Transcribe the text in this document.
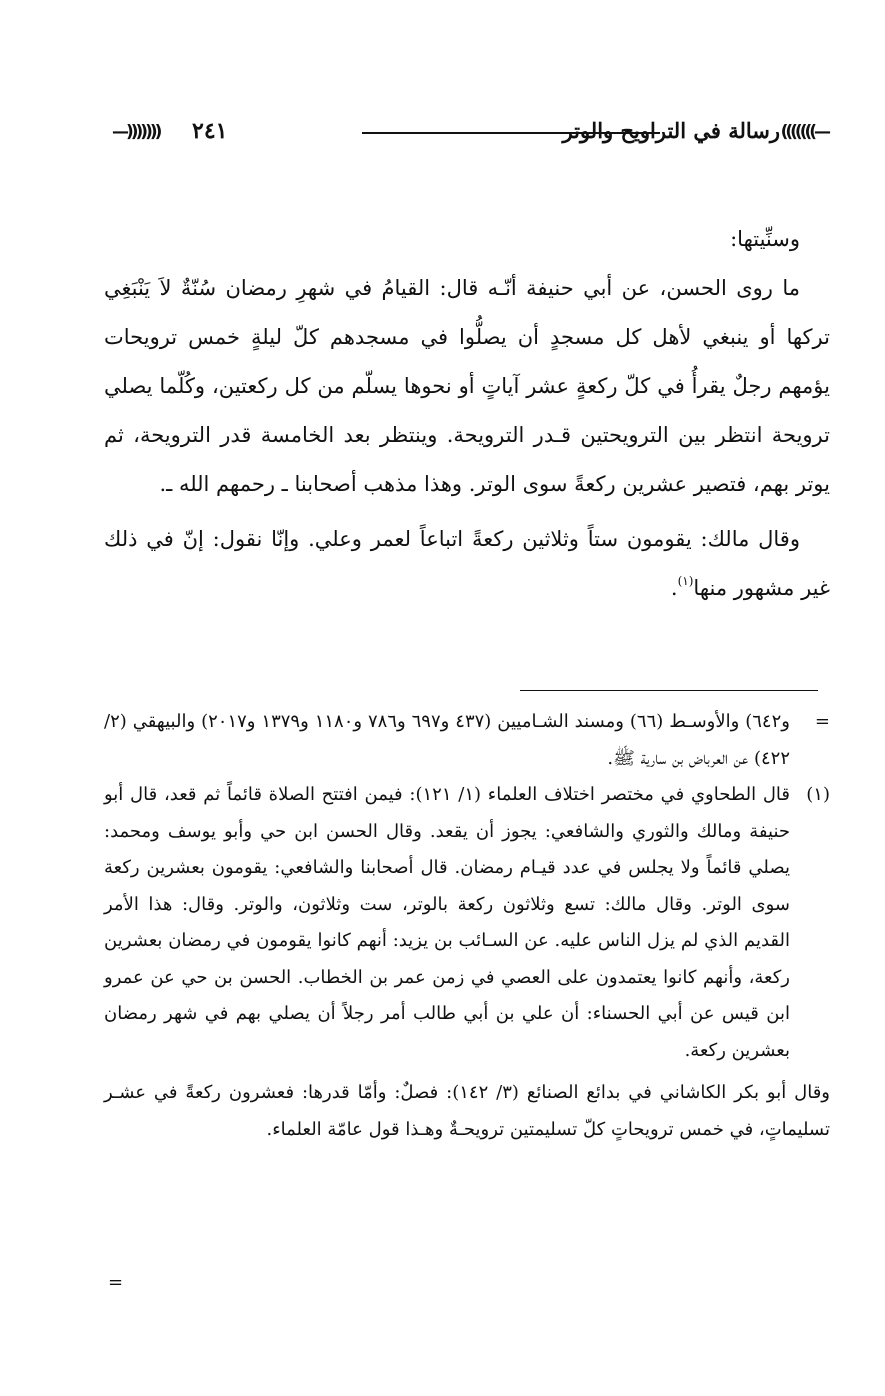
(((((((—
رسالة في التراويح والوتر
٢٤١
—)))))))

وسنِّيتها:

ما روى الحسن، عن أبي حنيفة أنّـه قال: القيامُ في شهرِ رمضان سُنّةٌ لاَ يَنْبَغِي تركها أو ينبغي لأهل كل مسجدٍ أن يصلُّوا في مسجدهم كلّ ليلةٍ خمس ترويحات يؤمهم رجلٌ يقرأُ في كلّ ركعةٍ عشر آياتٍ أو نحوها يسلّم من كل ركعتين، وكُلّما يصلي ترويحة انتظر بين الترويحتين قـدر الترويحة. وينتظر بعد الخامسة قدر الترويحة، ثم يوتر بهم، فتصير عشرين ركعةً سوى الوتر. وهذا مذهب أصحابنا ـ رحمهم الله ـ.

وقال مالك: يقومون ستاً وثلاثين ركعةً اتباعاً لعمر وعلي. وإنّا نقول: إنّ في ذلك غير مشهور منها$^{(١)}$.

=
و٦٤٢) والأوسـط (٦٦) ومسند الشـاميين (٤٣٧ و٦٩٧ و٧٨٦ و١١٨٠ و١٣٧٩ و٢٠١٧) والبيهقي (٢/ ٤٢٢) عن العرباض بن سارية ﷺ.
(١)
قال الطحاوي في مختصر اختلاف العلماء (١/ ١٢١): فيمن افتتح الصلاة قائماً ثم قعد، قال أبو حنيفة ومالك والثوري والشافعي: يجوز أن يقعد. وقال الحسن ابن حي وأبو يوسف ومحمد: يصلي قائماً ولا يجلس في عدد قيـام رمضان. قال أصحابنا والشافعي: يقومون بعشرين ركعة سوى الوتر. وقال مالك: تسع وثلاثون ركعة بالوتر، ست وثلاثون، والوتر. وقال: هذا الأمر القديم الذي لم يزل الناس عليه. عن السـائب بن يزيد: أنهم كانوا يقومون في رمضان بعشرين ركعة، وأنهم كانوا يعتمدون على العصي في زمن عمر بن الخطاب. الحسن بن حي عن عمرو ابن قيس عن أبي الحسناء: أن علي بن أبي طالب أمر رجلاً أن يصلي بهم في شهر رمضان بعشرين ركعة.
وقال أبو بكر الكاشاني في بدائع الصنائع (٣/ ١٤٢): فصلٌ: وأمّا قدرها: فعشرون ركعةً في عشـر تسليماتٍ، في خمس ترويحاتٍ كلّ تسليمتين ترويحـةٌ وهـذا قول عامّة العلماء.
=
